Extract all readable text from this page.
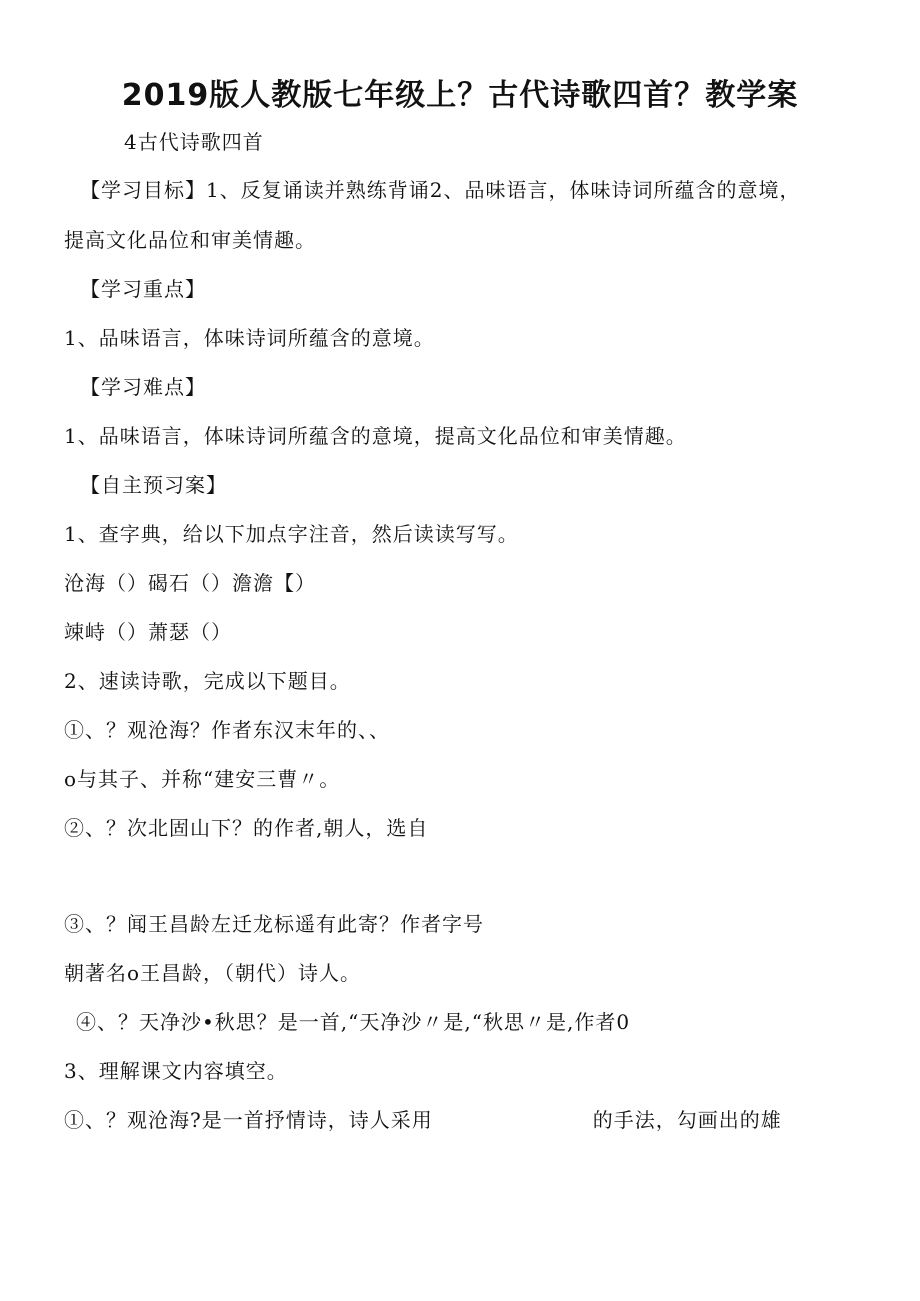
2019版人教版七年级上？古代诗歌四首？教学案
4古代诗歌四首
【学习目标】1、反复诵读并熟练背诵2、品味语言，体味诗词所蕴含的意境，
提高文化品位和审美情趣。
【学习重点】
1、品味语言，体味诗词所蕴含的意境。
【学习难点】
1、品味语言，体味诗词所蕴含的意境，提高文化品位和审美情趣。
【自主预习案】
1、查字典，给以下加点字注音，然后读读写写。
沧海（）碣石（）澹澹【）
竦峙（）萧瑟（）
2、速读诗歌，完成以下题目。
①、？观沧海？作者东汉末年的、、
o与其子、并称“建安三曹〃。
②、？次北固山下？的作者,朝人，选自
③、？闻王昌龄左迁龙标遥有此寄？作者字号
朝著名o王昌龄，（朝代）诗人。
④、？天净沙•秋思？是一首,“天净沙〃是,“秋思〃是,作者0
3、理解课文内容填空。
①、？观沧海?是一首抒情诗，诗人采用	的手法，勾画出的雄
